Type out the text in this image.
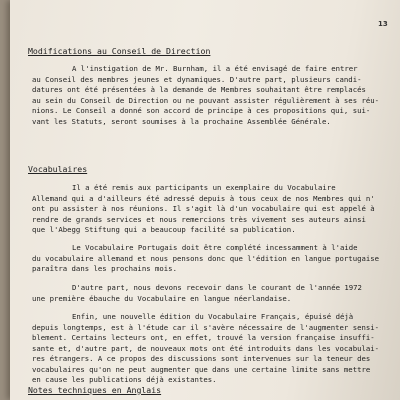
13
Modifications au Conseil de Direction
A l'instigation de Mr. Burnham, il a été envisagé de faire entrer
au Conseil des membres jeunes et dynamiques. D'autre part, plusieurs candi-
datures ont été présentées à la demande de Membres souhaitant être remplacés
au sein du Conseil de Direction ou ne pouvant assister régulièrement à ses réu-
nions. Le Conseil a donné son accord de principe à ces propositions qui, sui-
vant les Statuts, seront soumises à la prochaine Assemblée Générale.
Vocabulaires
Il a été remis aux participants un exemplaire du Vocabulaire
Allemand qui a d'ailleurs été adressé depuis à tous ceux de nos Membres qui n'
ont pu assister à nos réunions. Il s'agit là d'un vocabulaire qui est appelé à
rendre de grands services et nous remercions très vivement ses auteurs ainsi
que l'Abegg Stiftung qui a beaucoup facilité sa publication.
Le Vocabulaire Portugais doit être complété incessamment à l'aide
du vocabulaire allemand et nous pensons donc que l'édition en langue portugaise
paraîtra dans les prochains mois.
D'autre part, nous devons recevoir dans le courant de l'année 1972
une première ébauche du Vocabulaire en langue néerlandaise.
Enfin, une nouvelle édition du Vocabulaire Français, épuisé déjà
depuis longtemps, est à l'étude car il s'avère nécessaire de l'augmenter sensi-
blement. Certains lecteurs ont, en effet, trouvé la version française insuffi-
sante et, d'autre part, de nouveaux mots ont été introduits dans les vocabulai-
res étrangers. A ce propos des discussions sont intervenues sur la teneur des
vocabulaires qu'on ne peut augmenter que dans une certaine limite sans mettre
en cause les publications déjà existantes.
Notes techniques en Anglais
